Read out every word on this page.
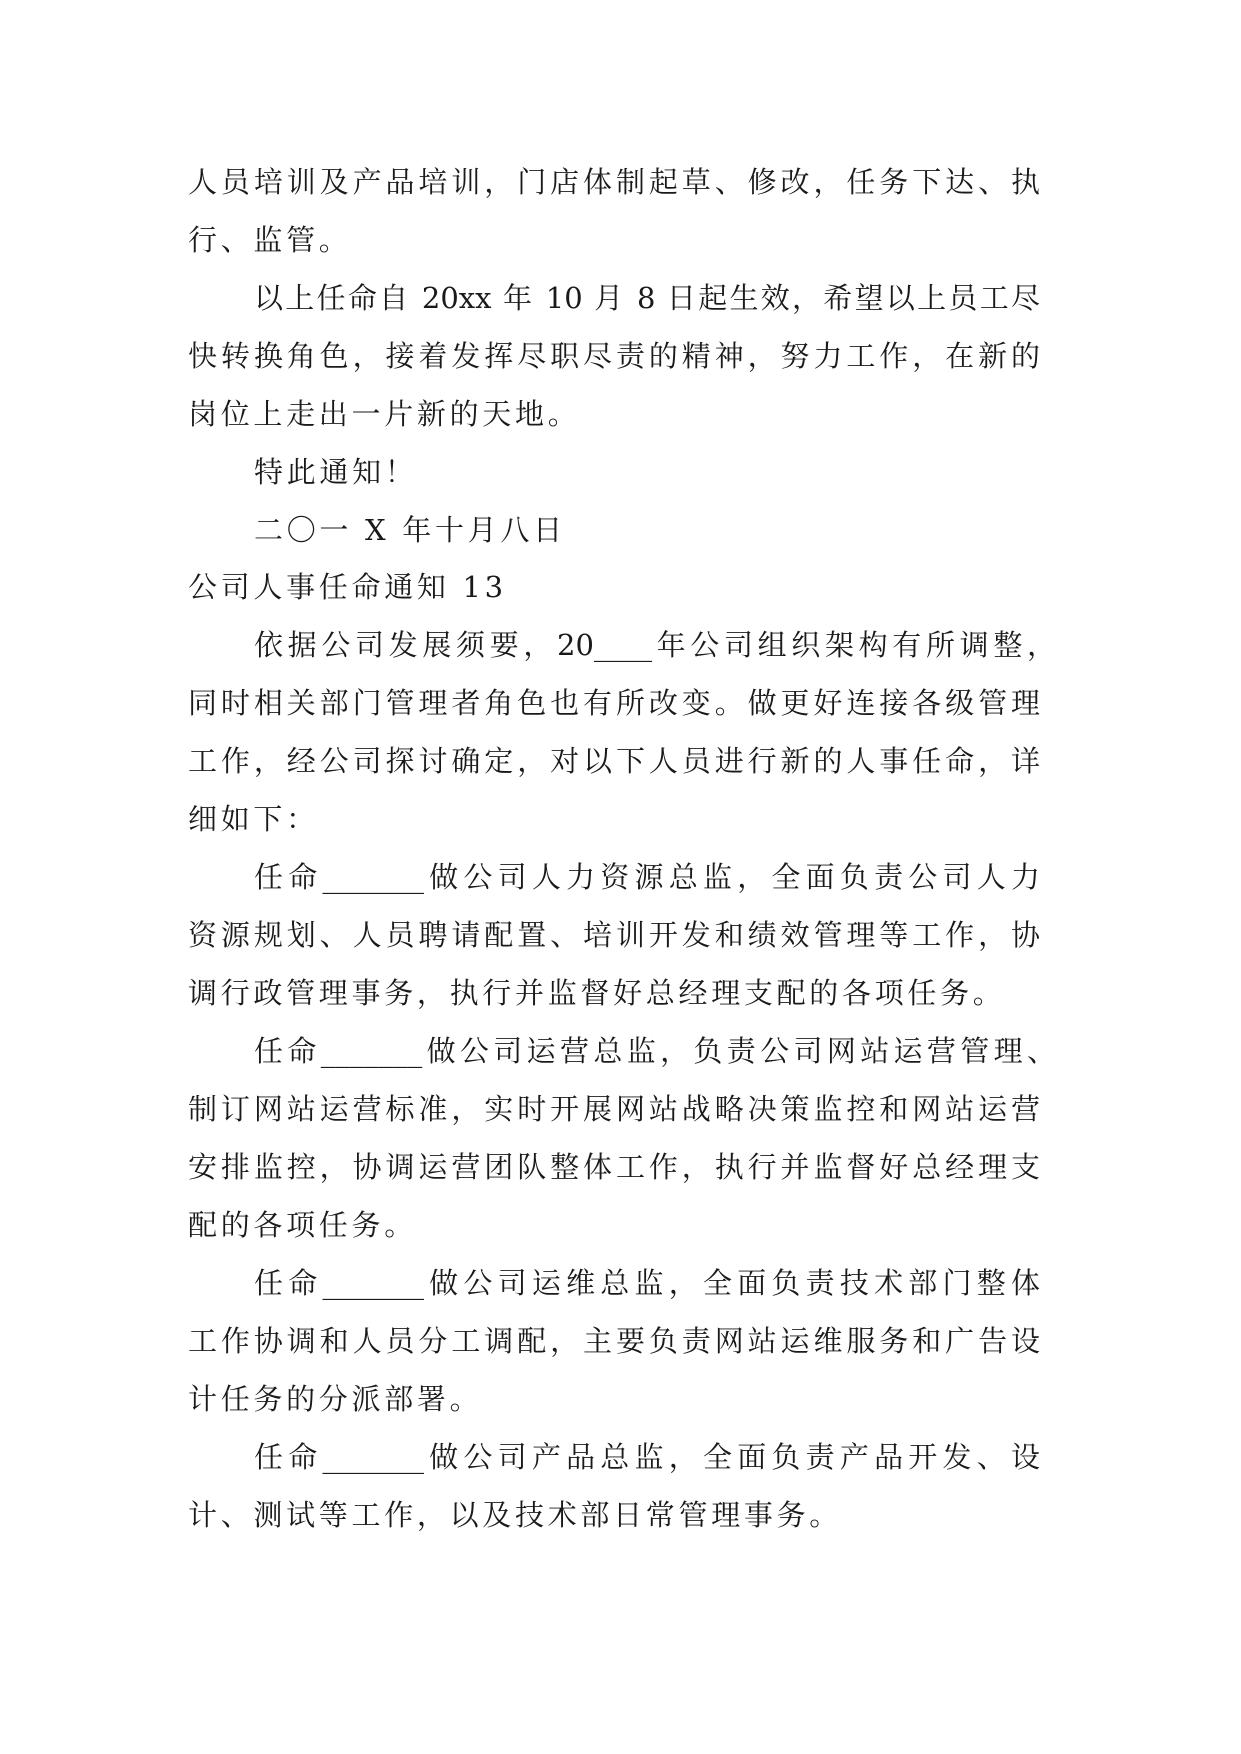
人员培训及产品培训，门店体制起草、修改，任务下达、执
行、监管。
以上任命自 20xx 年 10 月 8 日起生效，希望以上员工尽
快转换角色，接着发挥尽职尽责的精神，努力工作，在新的
岗位上走出一片新的天地。
特此通知！
二〇一 X 年十月八日
公司人事任命通知 13
依据公司发展须要，20____年公司组织架构有所调整，
同时相关部门管理者角色也有所改变。做更好连接各级管理
工作，经公司探讨确定，对以下人员进行新的人事任命，详
细如下：
任命_______做公司人力资源总监，全面负责公司人力
资源规划、人员聘请配置、培训开发和绩效管理等工作，协
调行政管理事务，执行并监督好总经理支配的各项任务。
任命_______做公司运营总监，负责公司网站运营管理、
制订网站运营标准，实时开展网站战略决策监控和网站运营
安排监控，协调运营团队整体工作，执行并监督好总经理支
配的各项任务。
任命_______做公司运维总监，全面负责技术部门整体
工作协调和人员分工调配，主要负责网站运维服务和广告设
计任务的分派部署。
任命_______做公司产品总监，全面负责产品开发、设
计、测试等工作，以及技术部日常管理事务。
